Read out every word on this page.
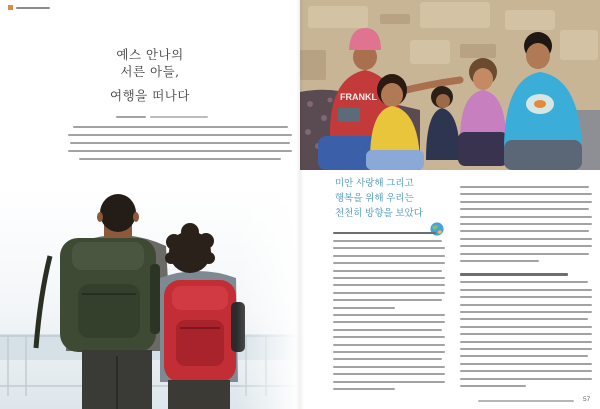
예스 안나의
서른 아들,
여행을 떠나다	FRANKL
미안 사랑해 그리고
행복을 위해 우리는
천천히 방향을 보았다
57
